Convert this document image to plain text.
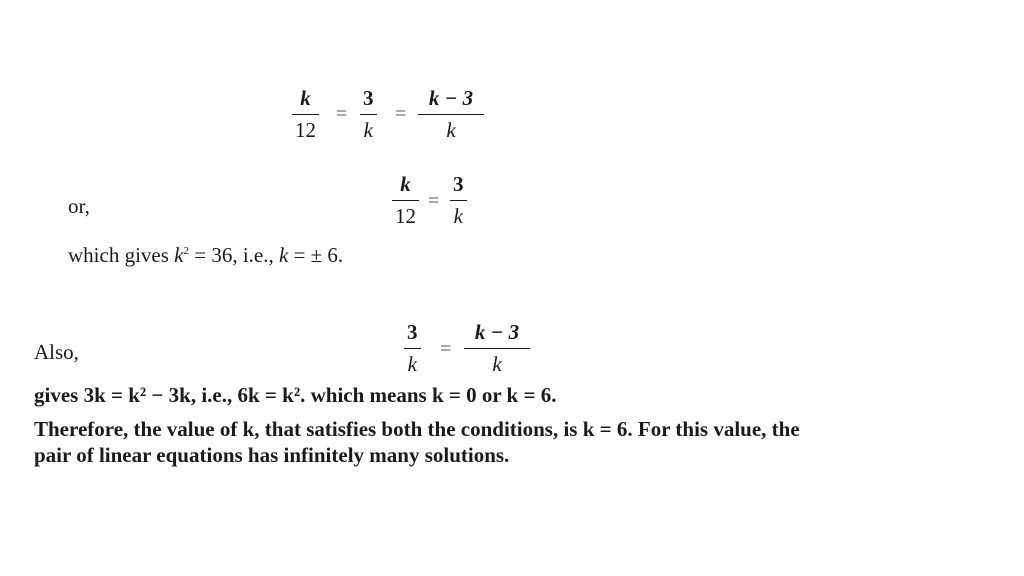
$\frac{k}{12} = \frac{3}{k} = \frac{k - 3}{k}$
or,	$\frac{k}{12} = \frac{3}{k}$
which gives $k^2 = 36$, i.e., k = ± 6.
Also,	$\frac{3}{k} = \frac{k - 3}{k}$
gives 3k = k² − 3k, i.e., 6k = k². which means k = 0 or k = 6.
Therefore, the value of k, that satisfies both the conditions, is k = 6. For this value, the
pair of linear equations has infinitely many solutions.
